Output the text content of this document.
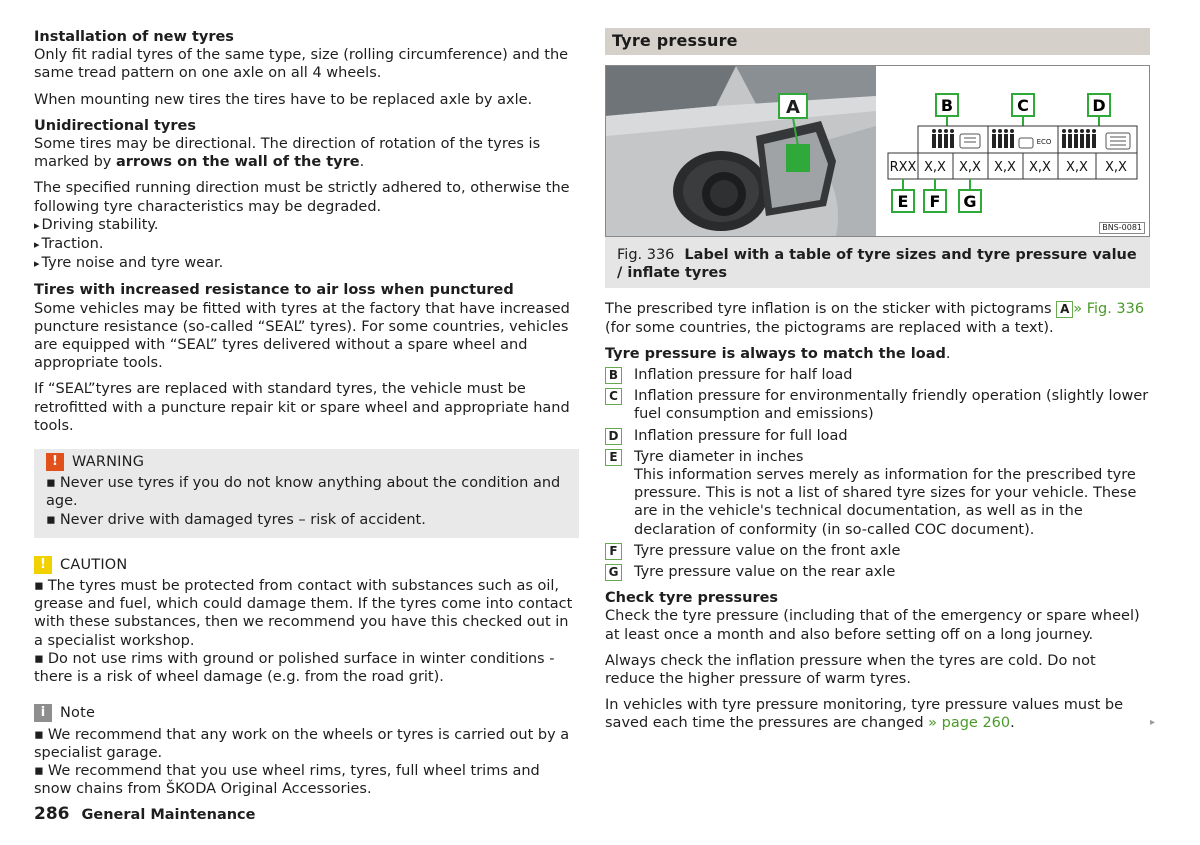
Installation of new tyres
Only fit radial tyres of the same type, size (rolling circumference) and the same tread pattern on one axle on all 4 wheels.
When mounting new tires the tires have to be replaced axle by axle.
Unidirectional tyres
Some tires may be directional. The direction of rotation of the tyres is marked by arrows on the wall of the tyre.
The specified running direction must be strictly adhered to, otherwise the following tyre characteristics may be degraded.
▸ Driving stability.
▸ Traction.
▸ Tyre noise and tyre wear.
Tires with increased resistance to air loss when punctured
Some vehicles may be fitted with tyres at the factory that have increased puncture resistance (so-called “SEAL” tyres). For some countries, vehicles are equipped with “SEAL” tyres delivered without a spare wheel and appropriate tools.
If “SEAL”tyres are replaced with standard tyres, the vehicle must be retrofitted with a puncture repair kit or spare wheel and appropriate hand tools.
! WARNING
▪ Never use tyres if you do not know anything about the condition and age.
▪ Never drive with damaged tyres – risk of accident.
! CAUTION
▪ The tyres must be protected from contact with substances such as oil, grease and fuel, which could damage them. If the tyres come into contact with these substances, then we recommend you have this checked out in a specialist workshop.
▪ Do not use rims with ground or polished surface in winter conditions - there is a risk of wheel damage (e.g. from the road grit).
i	Note
▪ We recommend that any work on the wheels or tyres is carried out by a specialist garage.
▪ We recommend that you use wheel rims, tyres, full wheel trims and snow chains from ŠKODA Original Accessories.
Tyre pressure
A	B	C	D
ECO
RXX X,X X,X X,X X,X X,X X,X
E F G
BNS-0081
Fig. 336 Label with a table of tyre sizes and tyre pressure value / inflate tyres
The prescribed tyre inflation is on the sticker with pictograms A » Fig. 336 (for some countries, the pictograms are replaced with a text).
Tyre pressure is always to match the load.
B Inflation pressure for half load
C Inflation pressure for environmentally friendly operation (slightly lower fuel consumption and emissions)
D Inflation pressure for full load
E	Tyre diameter in inches
This information serves merely as information for the prescribed tyre pressure. This is not a list of shared tyre sizes for your vehicle. These are in the vehicle's technical documentation, as well as in the declaration of conformity (in so-called COC document).
F	Tyre pressure value on the front axle
G Tyre pressure value on the rear axle
Check tyre pressures
Check the tyre pressure (including that of the emergency or spare wheel) at least once a month and also before setting off on a long journey.
Always check the inflation pressure when the tyres are cold. Do not reduce the higher pressure of warm tyres.
In vehicles with tyre pressure monitoring, tyre pressure values must be saved each time the pressures are changed » page 260.	▸
286 General Maintenance
